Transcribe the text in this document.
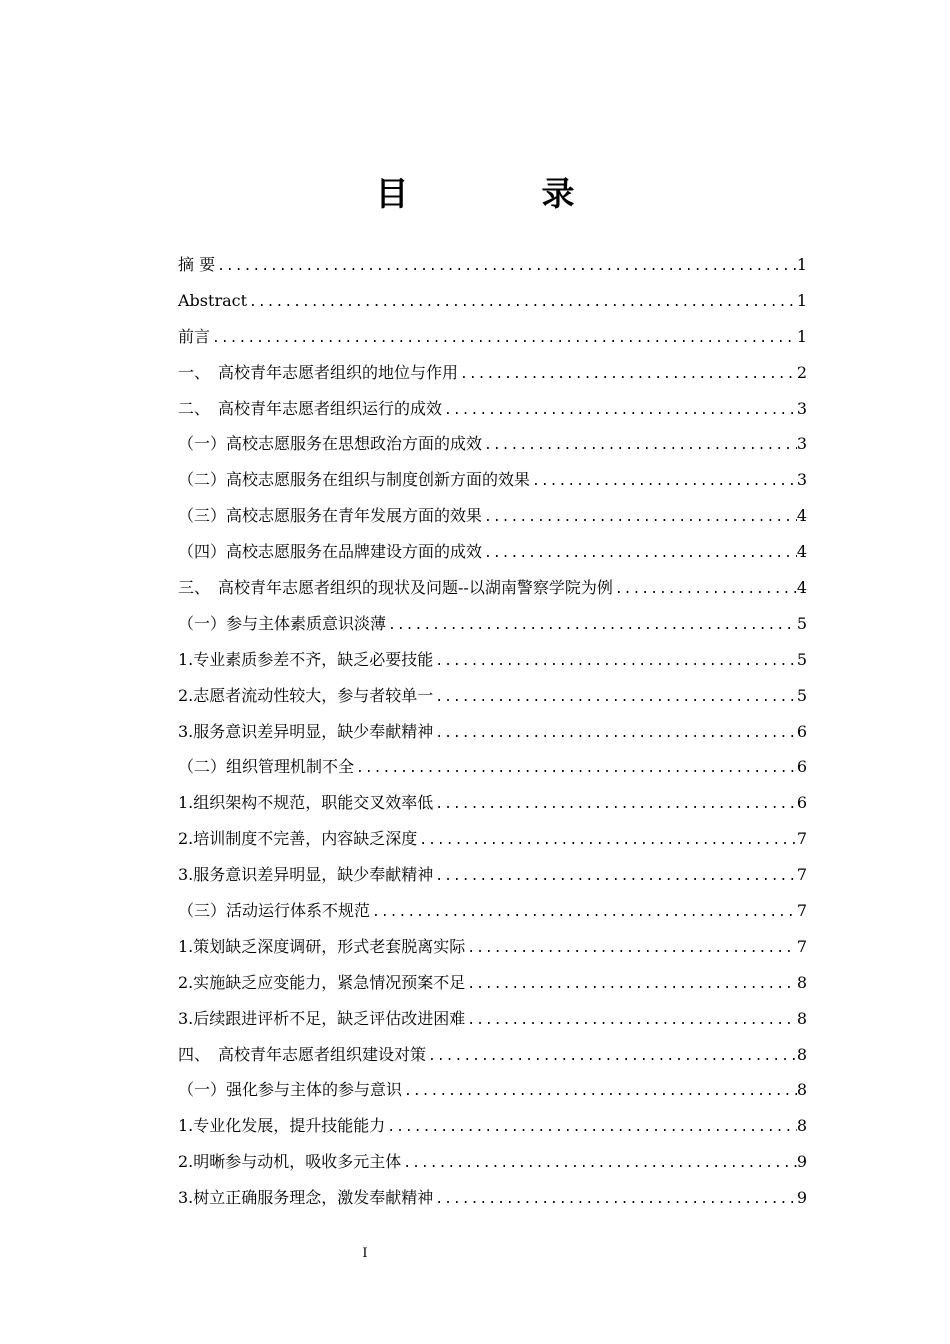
目　录
摘 要 .....	1
Abstract .....	1
前言 .....	1
一、　高校青年志愿者组织的地位与作用 .....	2
二、　高校青年志愿者组织运行的成效 .....	3
（一）高校志愿服务在思想政治方面的成效 .....	3
（二）高校志愿服务在组织与制度创新方面的效果 .....	3
（三）高校志愿服务在青年发展方面的效果 .....	4
（四）高校志愿服务在品牌建设方面的成效 .....	4
三、　高校青年志愿者组织的现状及问题--以湖南警察学院为例 .....	4
（一）参与主体素质意识淡薄 .....	5
1.专业素质参差不齐，缺乏必要技能 .....	5
2.志愿者流动性较大，参与者较单一 .....	5
3.服务意识差异明显，缺少奉献精神 .....	6
（二）组织管理机制不全 .....	6
1.组织架构不规范，职能交叉效率低 .....	6
2.培训制度不完善，内容缺乏深度 .....	7
3.服务意识差异明显，缺少奉献精神 .....	7
（三）活动运行体系不规范 .....	7
1.策划缺乏深度调研，形式老套脱离实际 .....	7
2.实施缺乏应变能力，紧急情况预案不足 .....	8
3.后续跟进评析不足，缺乏评估改进困难 .....	8
四、　高校青年志愿者组织建设对策 .....	8
（一）强化参与主体的参与意识 .....	8
1.专业化发展，提升技能能力 .....	8
2.明晰参与动机，吸收多元主体 .....	9
3.树立正确服务理念，激发奉献精神 .....	9
I
